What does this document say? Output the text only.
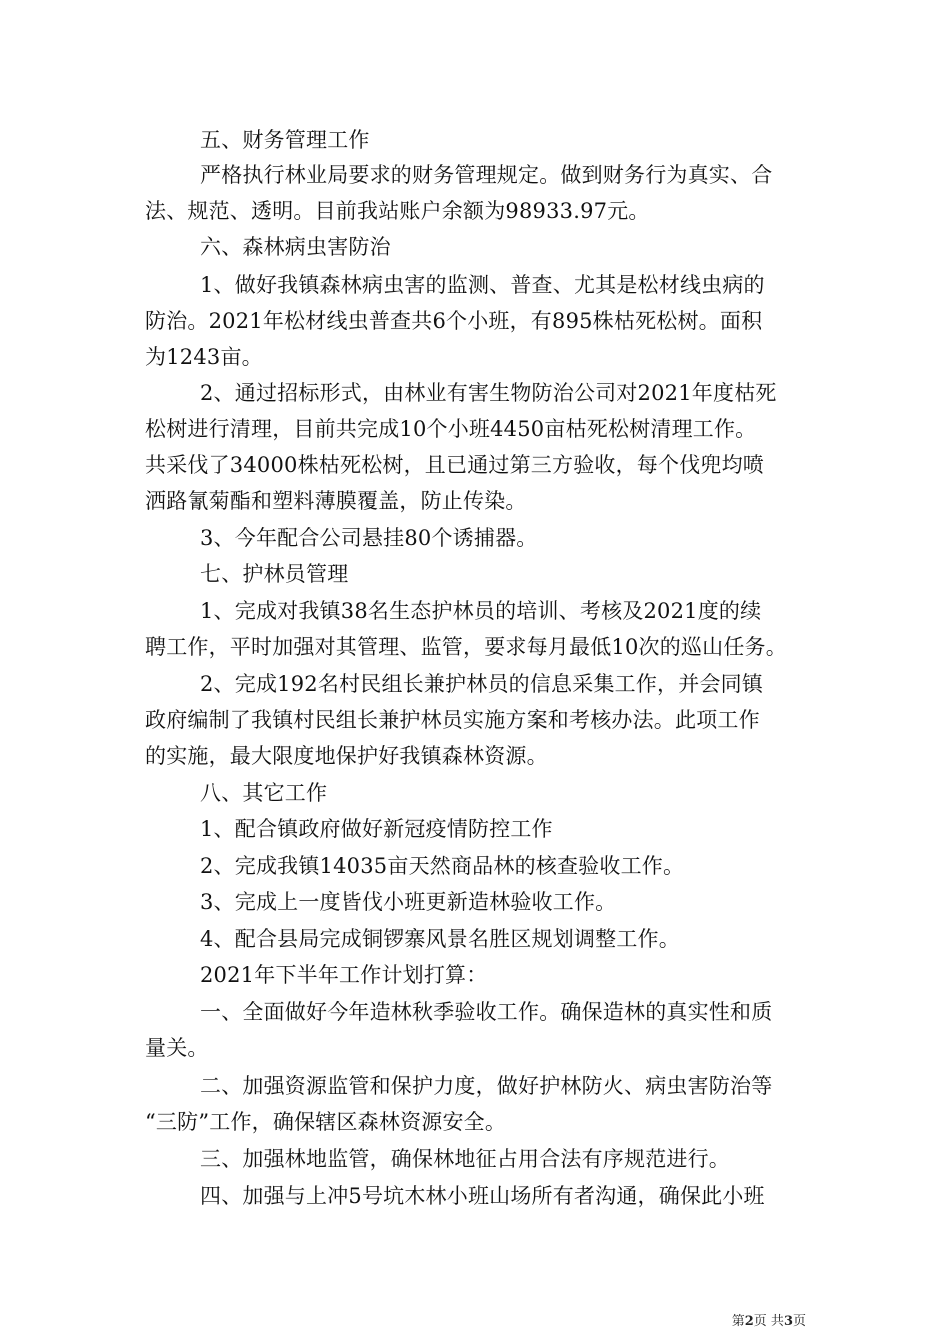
五、财务管理工作
严格执行林业局要求的财务管理规定。做到财务行为真实、合
法、规范、透明。目前我站账户余额为98933.97元。
六、森林病虫害防治
1、做好我镇森林病虫害的监测、普查、尤其是松材线虫病的
防治。2021年松材线虫普查共6个小班，有895株枯死松树。面积
为1243亩。
2、通过招标形式，由林业有害生物防治公司对2021年度枯死
松树进行清理，目前共完成10个小班4450亩枯死松树清理工作。
共采伐了34000株枯死松树，且已通过第三方验收，每个伐兜均喷
洒路氰菊酯和塑料薄膜覆盖，防止传染。
3、今年配合公司悬挂80个诱捕器。
七、护林员管理
1、完成对我镇38名生态护林员的培训、考核及2021度的续
聘工作，平时加强对其管理、监管，要求每月最低10次的巡山任务。
2、完成192名村民组长兼护林员的信息采集工作，并会同镇
政府编制了我镇村民组长兼护林员实施方案和考核办法。此项工作
的实施，最大限度地保护好我镇森林资源。
八、其它工作
1、配合镇政府做好新冠疫情防控工作
2、完成我镇14035亩天然商品林的核查验收工作。
3、完成上一度皆伐小班更新造林验收工作。
4、配合县局完成铜锣寨风景名胜区规划调整工作。
2021年下半年工作计划打算：
一、全面做好今年造林秋季验收工作。确保造林的真实性和质
量关。
二、加强资源监管和保护力度，做好护林防火、病虫害防治等
“三防”工作，确保辖区森林资源安全。
三、加强林地监管，确保林地征占用合法有序规范进行。
四、加强与上冲5号坑木林小班山场所有者沟通，确保此小班
第2页 共3页
